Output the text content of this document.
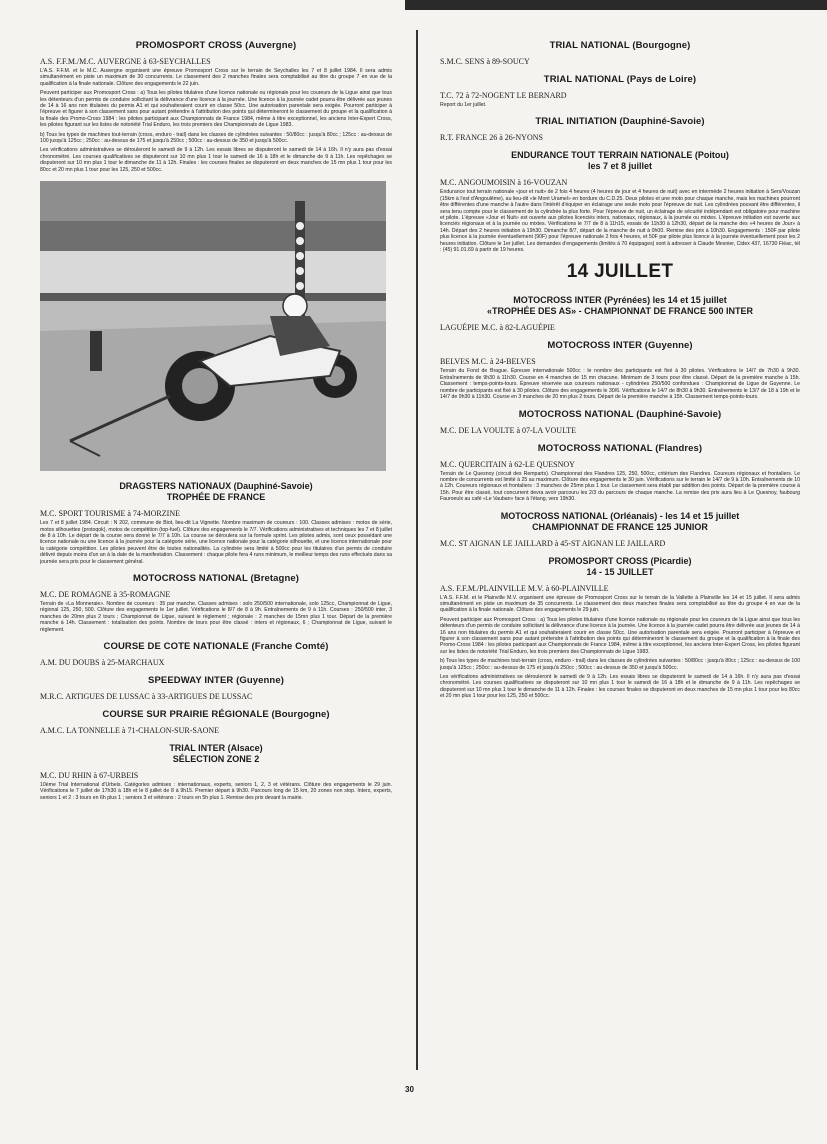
PROMOSPORT CROSS (Auvergne)
A.S. F.F.M./M.C. AUVERGNE à 63-SEYCHALLES

L'A.S. F.F.M. et le M.C. Auvergne organisent une épreuve Promosport Cross sur le terrain de Seychalles les 7 et 8 juillet 1984. Il sera admis simultanément en piste un maximum de 30 concurrents. Le classement des 2 manches finales sera comptabilisé au titre du groupe 7 en vue de la qualification à la finale nationale. Clôture des engagements le 22 juin.

Peuvent participer aux Promosport Cross : a) Tous les pilotes titulaires d'une licence nationale ou régionale pour les coureurs de la Ligue ainsi que tous les détenteurs d'un permis de conduire sollicitant la délivrance d'une licence à la journée. Une licence à la journée cadet pourra être délivrée aux jeunes de 14 à 16 ans non titulaires du permis A1 et qui souhaiteraient courir en classe 50cc. Une autorisation parentale sera exigée. Pourront participer à l'épreuve et figurer à son classement sans pour autant prétendre à l'attribution des points qui détermineront le classement du groupe et la qualification à la finale des Promo-Cross 1984 : les pilotes participant aux Championnats de France 1984, même à titre exceptionnel, les anciens Inter-Expert Cross, les pilotes figurant sur les listes de notoriété Trial Enduro, les trois premiers des Championnats de Ligue 1983.

b) Tous les types de machines tout-terrain (cross, enduro - trail) dans les classes de cylindrées suivantes : 50/80cc : jusqu'à 80cc ; 125cc : au-dessus de 100 jusqu'à 125cc ; 250cc : au-dessus de 175 et jusqu'à 250cc ; 500cc : au-dessus de 350 et jusqu'à 500cc.

Les vérifications administratives se dérouleront le samedi de 9 à 12h. Les essais libres se disputeront le samedi de 14 à 16h. Il n'y aura pas d'essai chronométré. Les courses qualificatives se disputeront sur 10 mn plus 1 tour le samedi de 16 à 18h et le dimanche de 9 à 11h. Les repêchages se disputeront sur 10 mn plus 1 tour le dimanche de 11 à 12h. Finales : les courses finales se disputeront en deux manches de 15 mn plus 1 tour pour les 80cc et 20 mn plus 1 tour pour les 125, 250 et 500cc.

DRAGSTERS NATIONAUX (Dauphiné-Savoie)
TROPHÉE DE FRANCE
M.C. SPORT TOURISME à 74-MORZINE

Les 7 et 8 juillet 1984. Circuit : N 202, commune de Biot, lieu-dit La Vignette. Nombre maximum de coureurs : 100. Classes admises : motos de série, motos silhouettes (protoqok), motos de compétition (top-fuel). Clôture des engagements le 7/7. Vérifications administratives et techniques les 7 et 8 juillet de 8 à 10h. Le départ de la course sera donné le 7/7 à 10h. La course se déroulera sur la formule sprint. Les pilotes admis, sont ceux possédant une licence nationale ou une licence à la journée pour la catégorie série, une licence nationale pour la catégorie silhouette, et une licence internationale pour la catégorie compétition. Les pilotes peuvent être de toutes nationalités. La cylindrée sera limité à 500cc pour les titulaires d'un permis de conduire délivré depuis moins d'un an à la date de la manifestation. Classement : chaque pilote fera 4 runs minimum, le meilleur temps des runs effectués dans sa journée sera pris pour le classement général.

MOTOCROSS NATIONAL (Bretagne)
M.C. DE ROMAGNE à 35-ROMAGNE

Terrain de «La Monneraie». Nombre de coureurs : 35 par manche. Classes admises : solo 250/500 internationale, solo 125cc, Championnat de Ligue, régional 125, 250, 500. Clôture des engagements le 1er juillet. Vérifications le 8/7 de 8 à 9h. Entraînements de 9 à 11h. Courses : 250/500 inter, 3 manches de 20mn plus 2 tours ; Championnat de Ligue, suivant le règlement ; régionale : 2 manches de 15mn plus 1 tour. Départ de la première manche à 14h. Classement : totalisation des points. Nombre de tours pour être classé : inters et régionaux, 6 ; Championnat de Ligue, suivant le règlement.

COURSE DE COTE NATIONALE (Franche Comté)
A.M. DU DOUBS à 25-MARCHAUX
SPEEDWAY INTER (Guyenne)
M.R.C. ARTIGUES DE LUSSAC à 33-ARTIGUES DE LUSSAC
COURSE SUR PRAIRIE RÉGIONALE (Bourgogne)
A.M.C. LA TONNELLE à 71-CHALON-SUR-SAONE
TRIAL INTER (Alsace)
SÉLECTION ZONE 2
M.C. DU RHIN à 67-URBEIS

10ème Trial International d'Urbeis. Catégories admises : internationaux, experts, seniors 1, 2, 3 et vétérans. Clôture des engagements le 29 juin. Vérifications le 7 juillet de 17h30 à 18h et le 8 juillet de 8 à 9h15. Premier départ à 9h30. Parcours long de 15 km, 20 zones non stop. Inters, experts, seniors 1 et 2 : 3 tours en 6h plus 1 ; seniors 3 et vétérans : 2 tours en 5h plus 1. Remise des prix devant la mairie.

TRIAL NATIONAL (Bourgogne)
S.M.C. SENS à 89-SOUCY
TRIAL NATIONAL (Pays de Loire)
T.C. 72 à 72-NOGENT LE BERNARD

Report du 1er juillet.

TRIAL INITIATION (Dauphiné-Savoie)
R.T. FRANCE 26 à 26-NYONS
ENDURANCE TOUT TERRAIN NATIONALE (Poitou)
les 7 et 8 juillet
M.C. ANGOUMOISIN à 16-VOUZAN

Endurance tout terrain nationale «jour et nuit» de 2 fois 4 heures (4 heures de jour et 4 heures de nuit) avec en intermède 2 heures initiation à Sers/Vouzan (15km à l'est d'Angoulême), au lieu-dit «le Mont Uramel» en bordure du C.D.25. Deux pilotes et une moto pour chaque manche, mais les machines pourront être différentes d'une manche à l'autre dans l'intérêt d'équiper en éclairage une seule moto pour l'épreuve de nuit. Les cylindrées pouvant être différentes, il sera tenu compte pour le classement de la cylindrée la plus forte. Pour l'épreuve de nuit, un éclairage de sécurité indépendant est obligatoire pour machine et pilote. L'épreuve «Jour et Nuit» est ouverte aux pilotes licenciés inters, nationaux, régionaux, à la journée ou mixtes. L'épreuve initiation est ouverte aux licenciés régionaux et à la journée ou mixtes. Vérifications le 7/7 de 8 à 11h15, essais de 11h30 à 12h30, départ de la manche des «4 heures de Jour» à 14h. Départ des 2 heures initiation à 19h30. Dimanche 8/7, départ de la manche de nuit à 0h00. Remise des prix à 10h30. Engagements : 150F par pilote plus licence à la journée éventuellement (90F) pour l'épreuve nationale 2 fois 4 heures, et 50F par pilote plus licence à la journée éventuellement pour les 2 heures initiation. Clôture le 1er juillet. Les demandes d'engagements (limités à 70 équipages) sont à adresser à Claude Mesnier, Cidex 437, 16730 Fléac, tél : (45) 91.01.69 à partir de 19 heures.

14 JUILLET
MOTOCROSS INTER (Pyrénées) les 14 et 15 juillet
«TROPHÉE DES AS» - CHAMPIONNAT DE FRANCE 500 INTER
LAGUÉPIE M.C. à 82-LAGUÉPIE
MOTOCROSS INTER (Guyenne)
BELVES M.C. à 24-BELVES

Terrain du Fond de Brague. Épreuve internationale 500cc : le nombre des participants est fixé à 30 pilotes. Vérifications le 14/7 de 7h30 à 9h30. Entraînements de 9h30 à 11h30. Course en 4 manches de 15 mn chacune. Minimum de 3 tours pour être classé. Départ de la première manche à 15h. Classement : temps-points-tours. Épreuve réservée aux coureurs nationaux - cylindrées 250/500 confondues : Championnat de Ligue de Guyenne. Le nombre de participants est fixé à 30 pilotes. Clôture des engagements le 30/6. Vérifications le 14/7 de 8h30 à 9h30. Entraînements le 13/7 de 18 à 19h et le 14/7 de 9h30 à 11h30. Course en 3 manches de 20 mn plus 2 tours. Départ de la première manche à 15h. Classement temps-points-tours.

MOTOCROSS NATIONAL (Dauphiné-Savoie)
M.C. DE LA VOULTE à 07-LA VOULTE
MOTOCROSS NATIONAL (Flandres)
M.C. QUERCITAIN à 62-LE QUESNOY

Terrain de Le Quesnoy (circuit des Remparts). Championnat des Flandres 125, 250, 500cc, critérium des Flandres. Coureurs régionaux et frontaliers. Le nombre de concurrents est limité à 25 au maximum. Clôture des engagements le 30 juin. Vérifications sur le terrain le 14/7 de 9 à 10h. Entraînements de 10 à 12h. Coureurs régionaux et frontaliers : 3 manches de 25mn plus 1 tour. Le classement sera établi par addition des points. Départ de la première course à 15h. Pour être classé, tout concurrent devra avoir parcouru les 2/3 du parcours de chaque manche. La remise des prix aura lieu à Le Quesnoy, faubourg Fauroeulx au café «Le Vauban» face à l'étang, vers 19h30.

MOTOCROSS NATIONAL (Orléanais) - les 14 et 15 juillet
CHAMPIONNAT DE FRANCE 125 JUNIOR
M.C. ST AIGNAN LE JAILLARD à 45-ST AIGNAN LE JAILLARD
PROMOSPORT CROSS (Picardie)
14 - 15 JUILLET
A.S. F.F.M./PLAINVILLE M.V. à 60-PLAINVILLE

L'A.S. F.F.M. et le Plainville M.V. organisent une épreuve de Promosport Cross sur le terrain de la Vallette à Plainville les 14 et 15 juillet. Il sera admis simultanément en piste un maximum de 35 concurrents. Le classement des deux manches finales sera comptabilisé au titre du groupe 4 en vue de la qualification à la finale nationale. Clôture des engagements le 29 juin.

Peuvent participer aux Promosport Cross : a) Tous les pilotes titulaires d'une licence nationale ou régionale pour les coureurs de la Ligue ainsi que tous les détenteurs d'un permis de conduire sollicitant la délivrance d'une licence à la journée. Une licence à la journée cadet pourra être délivrée aux jeunes de 14 à 16 ans non titulaires du permis A1 et qui souhaiteraient courir en classe 50cc. Une autorisation parentale sera exigée. Pourront participer à l'épreuve et figurer à son classement sans pour autant prétendre à l'attribution des points qui détermineront le classement du groupe et la qualification à la finale des Promo-Cross 1984 : les pilotes participant aux Championnats de France 1984, même à titre exceptionnel, les anciens Inter-Expert Cross, les pilotes figurant sur les listes de notoriété Trial Enduro, les trois premiers des Championnats de Ligue 1983.

b) Tous les types de machines tout-terrain (cross, enduro - trail) dans les classes de cylindrées suivantes : 50/80cc : jusqu'à 80cc ; 125cc : au-dessus de 100 jusqu'à 125cc ; 250cc : au-dessus de 175 et jusqu'à 250cc ; 500cc : au-dessus de 350 et jusqu'à 500cc.

Les vérifications administratives se dérouleront le samedi de 9 à 12h. Les essais libres se disputeront le samedi de 14 à 16h. Il n'y aura pas d'essai chronométré. Les courses qualificatives se disputeront sur 10 mn plus 1 tour le samedi de 16 à 18h et le dimanche de 9 à 11h. Les repêchages se disputeront sur 10 mn plus 1 tour le dimanche de 11 à 12h. Finales : les courses finales se disputeront en deux manches de 15 mn plus 1 tour pour les 80cc et 20 mn plus 1 tour pour les 125, 250 et 500cc.

30
